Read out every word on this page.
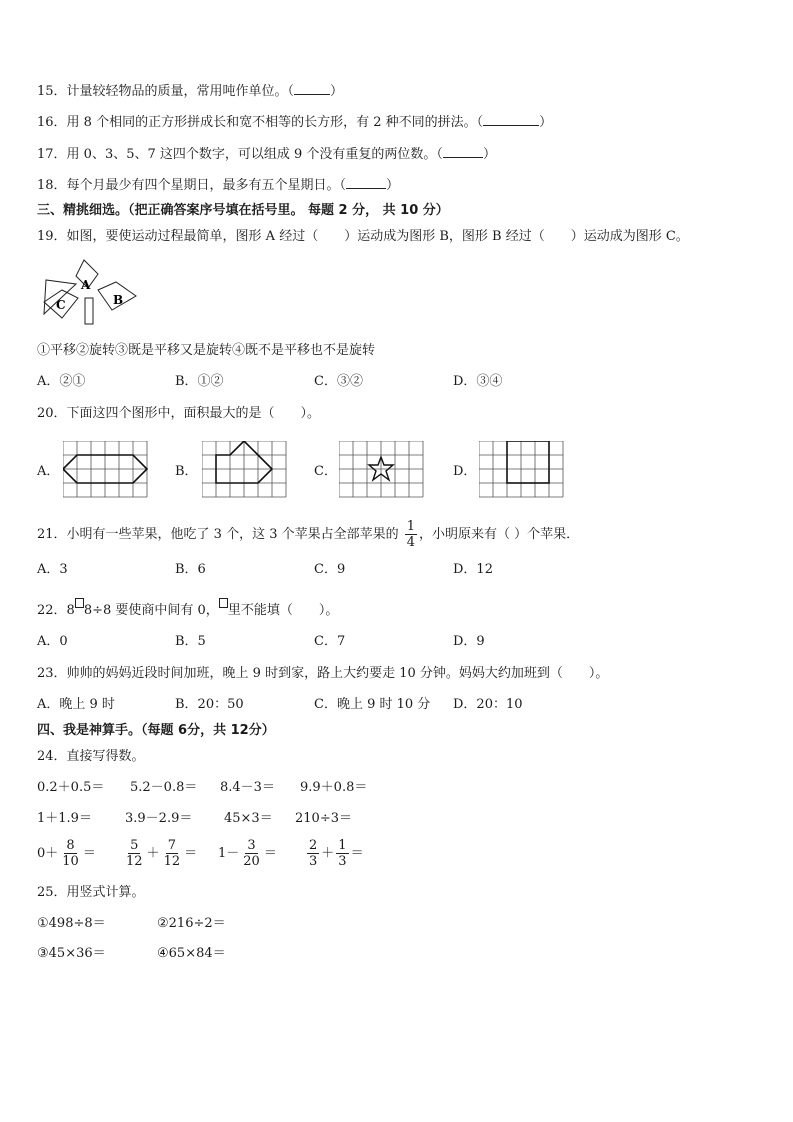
15．计量较轻物品的质量，常用吨作单位。（	）
16．用 8 个相同的正方形拼成长和宽不相等的长方形，有 2 种不同的拼法。（	）
17．用 0、3、5、7 这四个数字，可以组成 9 个没有重复的两位数。（	）
18．每个月最少有四个星期日，最多有五个星期日。（	）
三、精挑细选。（把正确答案序号填在括号里。 每题 2 分， 共 10 分）
19．如图，要使运动过程最简单，图形 A 经过（　　）运动成为图形 B，图形 B 经过（　　）运动成为图形 C。
A
B
C
①平移②旋转③既是平移又是旋转④既不是平移也不是旋转
A．②①	B．①②	C．③②	D．③④
20．下面这四个图形中，面积最大的是（　　）。
A．	B．	C．	D．
21．小明有一些苹果，他吃了 3 个，这 3 个苹果占全部苹果的 $\frac{1}{4}$ ，小明原来有（ ）个苹果．
A．3	B．6	C．9	D．12
22．8 8÷8 要使商中间有 0， 里不能填（　　）。
A．0	B．5	C．7	D．9
23．帅帅的妈妈近段时间加班，晚上 9 时到家，路上大约要走 10 分钟。妈妈大约加班到（　　）。
A．晚上 9 时	B．20：50	C．晚上 9 时 10 分 D．20：10
四、我是神算手。（每题 6分，共 12分）
24．直接写得数。
0.2＋0.5＝ 5.2－0.8＝ 8.4－3＝ 9.9＋0.8＝
1＋1.9＝	3.9－2.9＝ 45×3＝ 210÷3＝
$0+ \frac{8}{10} = \frac{5}{12} + \frac{7}{12} = 1- \frac{3}{20} = \frac{2}{3} + \frac{1}{3}$ ＝
25．用竖式计算。
①498÷8＝	②216÷2＝
③45×36＝	④65×84＝
